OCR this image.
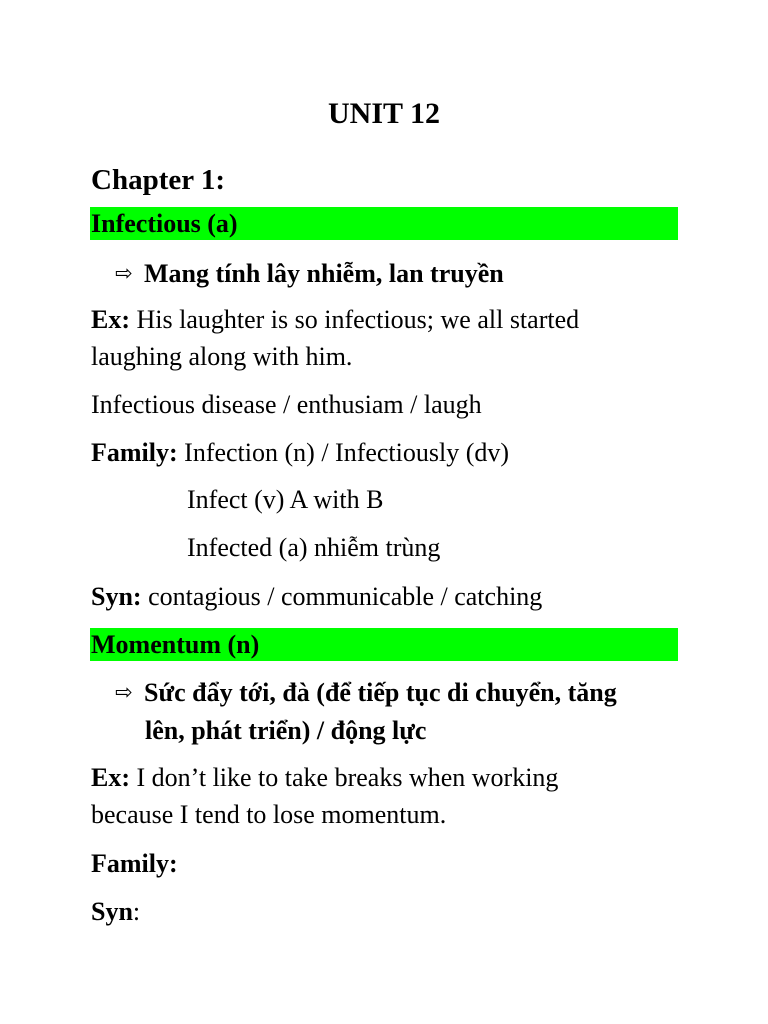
UNIT 12
Chapter 1:
Infectious (a)
⇨ Mang tính lây nhiễm, lan truyền
Ex: His laughter is so infectious; we all started
laughing along with him.
Infectious disease / enthusiam / laugh
Family: Infection (n) / Infectiously (dv)
Infect (v) A with B
Infected (a) nhiễm trùng
Syn: contagious / communicable / catching
Momentum (n)
⇨ Sức đẩy tới, đà (để tiếp tục di chuyển, tăng
lên, phát triển) / động lực
Ex: I don’t like to take breaks when working
because I tend to lose momentum.
Family:
Syn:
